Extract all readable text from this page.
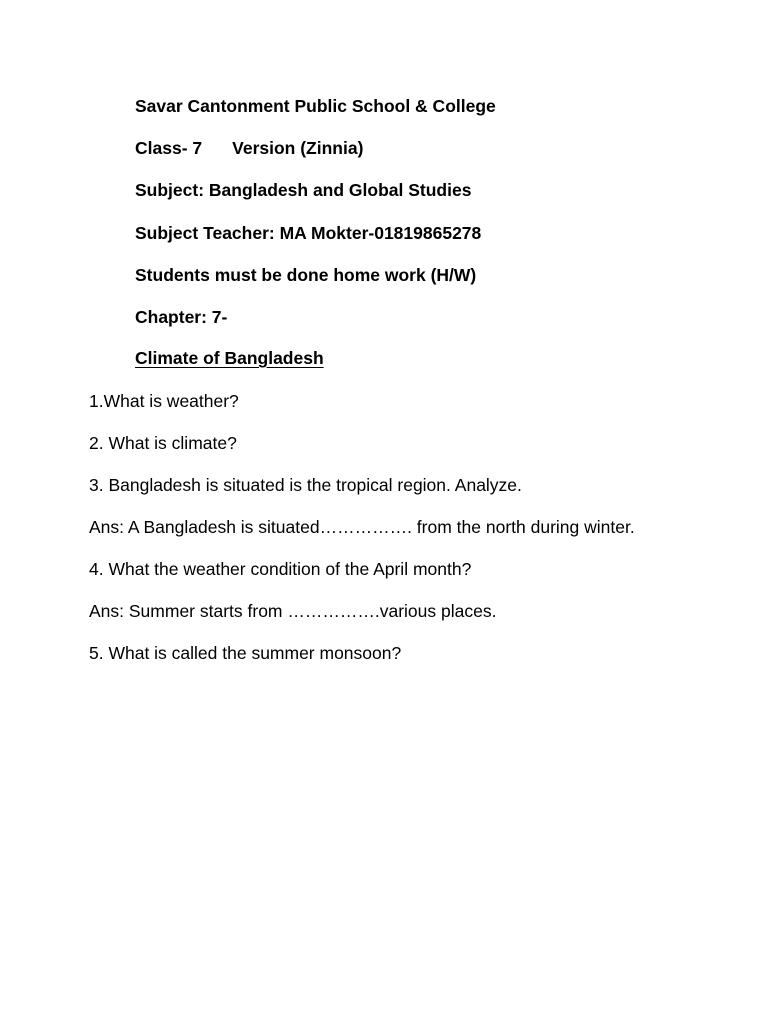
Savar Cantonment Public School & College

Class- 7 Version (Zinnia)

Subject: Bangladesh and Global Studies

Subject Teacher: MA Mokter-01819865278

Students must be done home work (H/W)

Chapter: 7-

Climate of Bangladesh

1.What is weather?

2. What is climate?

3. Bangladesh is situated is the tropical region. Analyze.

Ans: A Bangladesh is situated……………. from the north during winter.

4. What the weather condition of the April month?

Ans: Summer starts from …………….various places.

5. What is called the summer monsoon?
